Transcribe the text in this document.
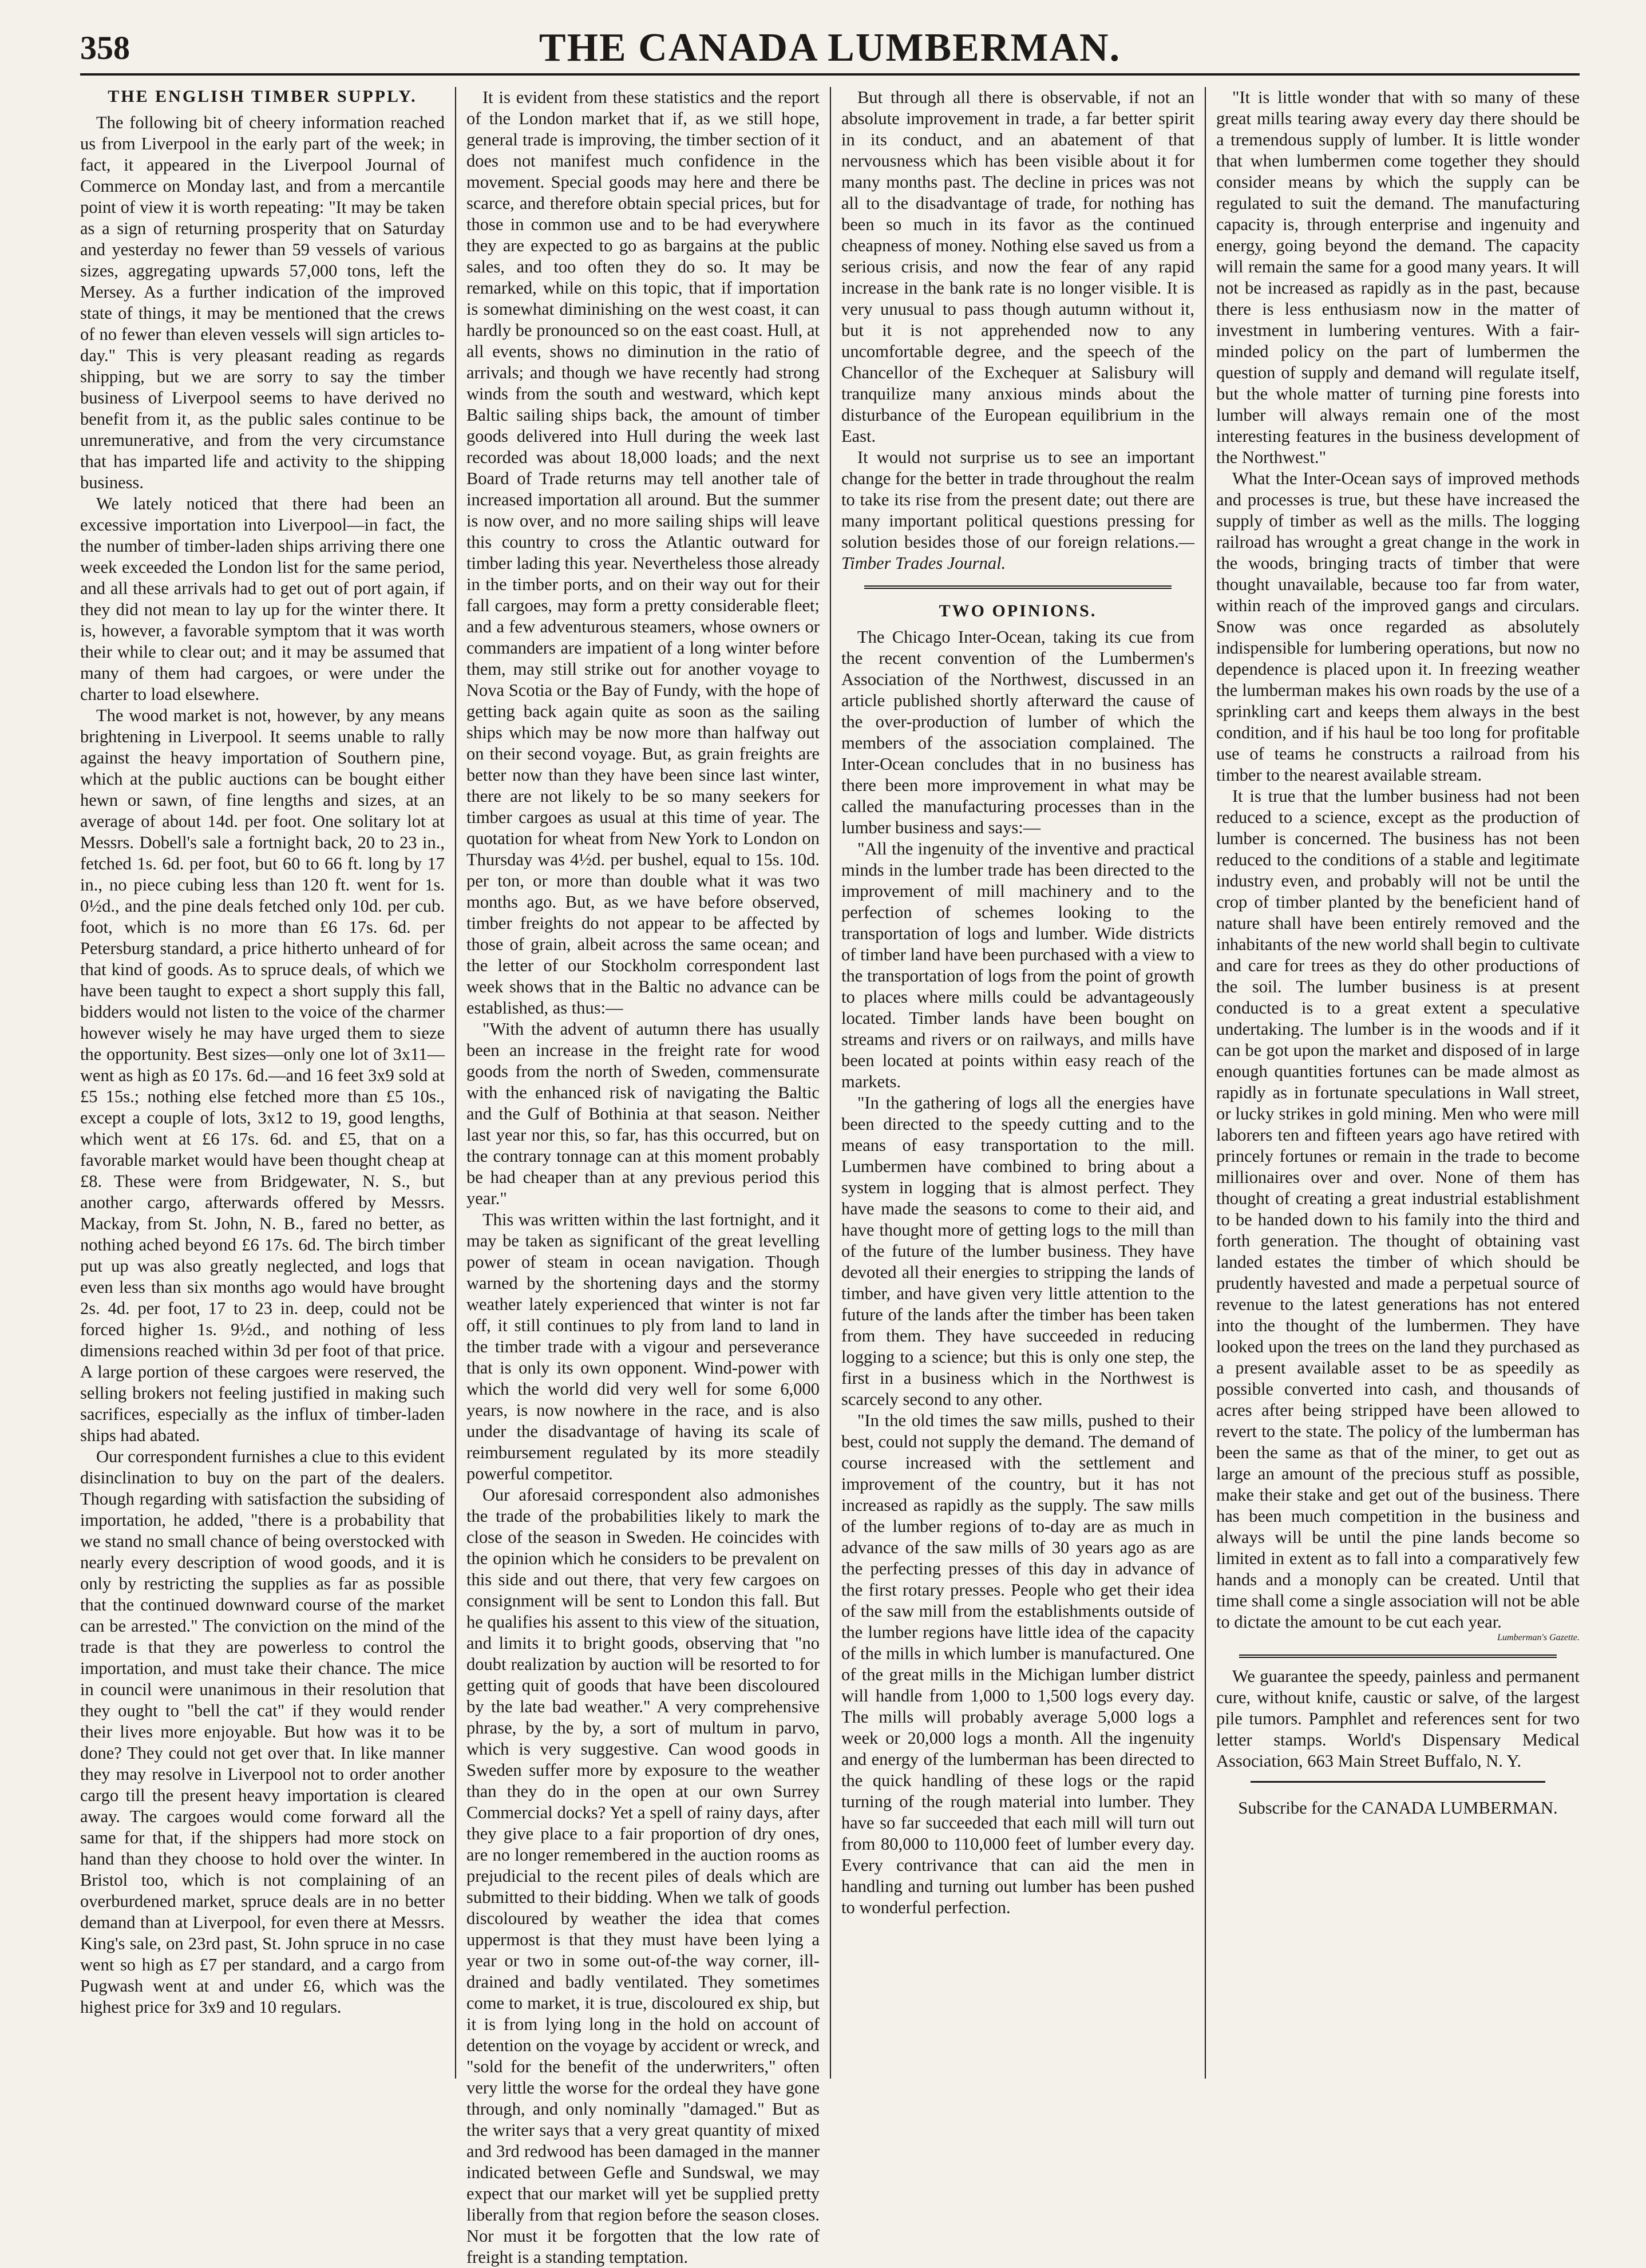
358	THE CANADA LUMBERMAN.
THE ENGLISH TIMBER SUPPLY.

The following bit of cheery information reached us from Liverpool in the early part of the week; in fact, it appeared in the Liverpool Journal of Commerce on Monday last, and from a mercantile point of view it is worth repeating: "It may be taken as a sign of returning prosperity that on Saturday and yesterday no fewer than 59 vessels of various sizes, aggregating upwards 57,000 tons, left the Mersey. As a further indication of the improved state of things, it may be mentioned that the crews of no fewer than eleven vessels will sign articles to-day." This is very pleasant reading as regards shipping, but we are sorry to say the timber business of Liverpool seems to have derived no benefit from it, as the public sales continue to be unremunerative, and from the very circumstance that has imparted life and activity to the shipping business.

We lately noticed that there had been an excessive importation into Liverpool—in fact, the the number of timber-laden ships arriving there one week exceeded the London list for the same period, and all these arrivals had to get out of port again, if they did not mean to lay up for the winter there. It is, however, a favorable symptom that it was worth their while to clear out; and it may be assumed that many of them had cargoes, or were under the charter to load elsewhere.

The wood market is not, however, by any means brightening in Liverpool. It seems unable to rally against the heavy importation of Southern pine, which at the public auctions can be bought either hewn or sawn, of fine lengths and sizes, at an average of about 14d. per foot. One solitary lot at Messrs. Dobell's sale a fortnight back, 20 to 23 in., fetched 1s. 6d. per foot, but 60 to 66 ft. long by 17 in., no piece cubing less than 120 ft. went for 1s. 0½d., and the pine deals fetched only 10d. per cub. foot, which is no more than £6 17s. 6d. per Petersburg standard, a price hitherto unheard of for that kind of goods. As to spruce deals, of which we have been taught to expect a short supply this fall, bidders would not listen to the voice of the charmer however wisely he may have urged them to sieze the opportunity. Best sizes—only one lot of 3x11—went as high as £0 17s. 6d.—and 16 feet 3x9 sold at £5 15s.; nothing else fetched more than £5 10s., except a couple of lots, 3x12 to 19, good lengths, which went at £6 17s. 6d. and £5, that on a favorable market would have been thought cheap at £8. These were from Bridgewater, N. S., but another cargo, afterwards offered by Messrs. Mackay, from St. John, N. B., fared no better, as nothing ached beyond £6 17s. 6d. The birch timber put up was also greatly neglected, and logs that even less than six months ago would have brought 2s. 4d. per foot, 17 to 23 in. deep, could not be forced higher 1s. 9½d., and nothing of less dimensions reached within 3d per foot of that price. A large portion of these cargoes were reserved, the selling brokers not feeling justified in making such sacrifices, especially as the influx of timber-laden ships had abated.

Our correspondent furnishes a clue to this evident disinclination to buy on the part of the dealers. Though regarding with satisfaction the subsiding of importation, he added, "there is a probability that we stand no small chance of being overstocked with nearly every description of wood goods, and it is only by restricting the supplies as far as possible that the continued downward course of the market can be arrested." The conviction on the mind of the trade is that they are powerless to control the importation, and must take their chance. The mice in council were unanimous in their resolution that they ought to "bell the cat" if they would render their lives more enjoyable. But how was it to be done? They could not get over that. In like manner they may resolve in Liverpool not to order another cargo till the present heavy importation is cleared away. The cargoes would come forward all the same for that, if the shippers had more stock on hand than they choose to hold over the winter. In Bristol too, which is not complaining of an overburdened market, spruce deals are in no better demand than at Liverpool, for even there at Messrs. King's sale, on 23rd past, St. John spruce in no case went so high as £7 per standard, and a cargo from Pugwash went at and under £6, which was the highest price for 3x9 and 10 regulars.

It is evident from these statistics and the report of the London market that if, as we still hope, general trade is improving, the timber section of it does not manifest much confidence in the movement. Special goods may here and there be scarce, and therefore obtain special prices, but for those in common use and to be had everywhere they are expected to go as bargains at the public sales, and too often they do so. It may be remarked, while on this topic, that if importation is somewhat diminishing on the west coast, it can hardly be pronounced so on the east coast. Hull, at all events, shows no diminution in the ratio of arrivals; and though we have recently had strong winds from the south and westward, which kept Baltic sailing ships back, the amount of timber goods delivered into Hull during the week last recorded was about 18,000 loads; and the next Board of Trade returns may tell another tale of increased importation all around. But the summer is now over, and no more sailing ships will leave this country to cross the Atlantic outward for timber lading this year. Nevertheless those already in the timber ports, and on their way out for their fall cargoes, may form a pretty considerable fleet; and a few adventurous steamers, whose owners or commanders are impatient of a long winter before them, may still strike out for another voyage to Nova Scotia or the Bay of Fundy, with the hope of getting back again quite as soon as the sailing ships which may be now more than halfway out on their second voyage. But, as grain freights are better now than they have been since last winter, there are not likely to be so many seekers for timber cargoes as usual at this time of year. The quotation for wheat from New York to London on Thursday was 4½d. per bushel, equal to 15s. 10d. per ton, or more than double what it was two months ago. But, as we have before observed, timber freights do not appear to be affected by those of grain, albeit across the same ocean; and the letter of our Stockholm correspondent last week shows that in the Baltic no advance can be established, as thus:—

"With the advent of autumn there has usually been an increase in the freight rate for wood goods from the north of Sweden, commensurate with the enhanced risk of navigating the Baltic and the Gulf of Bothinia at that season. Neither last year nor this, so far, has this occurred, but on the contrary tonnage can at this moment probably be had cheaper than at any previous period this year."

This was written within the last fortnight, and it may be taken as significant of the great levelling power of steam in ocean navigation. Though warned by the shortening days and the stormy weather lately experienced that winter is not far off, it still continues to ply from land to land in the timber trade with a vigour and perseverance that is only its own opponent. Wind-power with which the world did very well for some 6,000 years, is now nowhere in the race, and is also under the disadvantage of having its scale of reimbursement regulated by its more steadily powerful competitor.

Our aforesaid correspondent also admonishes the trade of the probabilities likely to mark the close of the season in Sweden. He coincides with the opinion which he considers to be prevalent on this side and out there, that very few cargoes on consignment will be sent to London this fall. But he qualifies his assent to this view of the situation, and limits it to bright goods, observing that "no doubt realization by auction will be resorted to for getting quit of goods that have been discoloured by the late bad weather." A very comprehensive phrase, by the by, a sort of multum in parvo, which is very suggestive. Can wood goods in Sweden suffer more by exposure to the weather than they do in the open at our own Surrey Commercial docks? Yet a spell of rainy days, after they give place to a fair proportion of dry ones, are no longer remembered in the auction rooms as prejudicial to the recent piles of deals which are submitted to their bidding. When we talk of goods discoloured by weather the idea that comes uppermost is that they must have been lying a year or two in some out-of-the way corner, ill-drained and badly ventilated. They sometimes come to market, it is true, discoloured ex ship, but it is from lying long in the hold on account of detention on the voyage by accident or wreck, and "sold for the benefit of the underwriters," often very little the worse for the ordeal they have gone through, and only nominally "damaged." But as the writer says that a very great quantity of mixed and 3rd redwood has been damaged in the manner indicated between Gefle and Sundswal, we may expect that our market will yet be supplied pretty liberally from that region before the season closes. Nor must it be forgotten that the low rate of freight is a standing temptation.

But through all there is observable, if not an absolute improvement in trade, a far better spirit in its conduct, and an abatement of that nervousness which has been visible about it for many months past. The decline in prices was not all to the disadvantage of trade, for nothing has been so much in its favor as the continued cheapness of money. Nothing else saved us from a serious crisis, and now the fear of any rapid increase in the bank rate is no longer visible. It is very unusual to pass though autumn without it, but it is not apprehended now to any uncomfortable degree, and the speech of the Chancellor of the Exchequer at Salisbury will tranquilize many anxious minds about the disturbance of the European equilibrium in the East.

It would not surprise us to see an important change for the better in trade throughout the realm to take its rise from the present date; out there are many important political questions pressing for solution besides those of our foreign relations.—Timber Trades Journal.

TWO OPINIONS.

The Chicago Inter-Ocean, taking its cue from the recent convention of the Lumbermen's Association of the Northwest, discussed in an article published shortly afterward the cause of the over-production of lumber of which the members of the association complained. The Inter-Ocean concludes that in no business has there been more improvement in what may be called the manufacturing processes than in the lumber business and says:—

"All the ingenuity of the inventive and practical minds in the lumber trade has been directed to the improvement of mill machinery and to the perfection of schemes looking to the transportation of logs and lumber. Wide districts of timber land have been purchased with a view to the transportation of logs from the point of growth to places where mills could be advantageously located. Timber lands have been bought on streams and rivers or on railways, and mills have been located at points within easy reach of the markets.

"In the gathering of logs all the energies have been directed to the speedy cutting and to the means of easy transportation to the mill. Lumbermen have combined to bring about a system in logging that is almost perfect. They have made the seasons to come to their aid, and have thought more of getting logs to the mill than of the future of the lumber business. They have devoted all their energies to stripping the lands of timber, and have given very little attention to the future of the lands after the timber has been taken from them. They have succeeded in reducing logging to a science; but this is only one step, the first in a business which in the Northwest is scarcely second to any other.

"In the old times the saw mills, pushed to their best, could not supply the demand. The demand of course increased with the settlement and improvement of the country, but it has not increased as rapidly as the supply. The saw mills of the lumber regions of to-day are as much in advance of the saw mills of 30 years ago as are the perfecting presses of this day in advance of the first rotary presses. People who get their idea of the saw mill from the establishments outside of the lumber regions have little idea of the capacity of the mills in which lumber is manufactured. One of the great mills in the Michigan lumber district will handle from 1,000 to 1,500 logs every day. The mills will probably average 5,000 logs a week or 20,000 logs a month. All the ingenuity and energy of the lumberman has been directed to the quick handling of these logs or the rapid turning of the rough material into lumber. They have so far succeeded that each mill will turn out from 80,000 to 110,000 feet of lumber every day. Every contrivance that can aid the men in handling and turning out lumber has been pushed to wonderful perfection.

"It is little wonder that with so many of these great mills tearing away every day there should be a tremendous supply of lumber. It is little wonder that when lumbermen come together they should consider means by which the supply can be regulated to suit the demand. The manufacturing capacity is, through enterprise and ingenuity and energy, going beyond the demand. The capacity will remain the same for a good many years. It will not be increased as rapidly as in the past, because there is less enthusiasm now in the matter of investment in lumbering ventures. With a fair-minded policy on the part of lumbermen the question of supply and demand will regulate itself, but the whole matter of turning pine forests into lumber will always remain one of the most interesting features in the business development of the Northwest."

What the Inter-Ocean says of improved methods and processes is true, but these have increased the supply of timber as well as the mills. The logging railroad has wrought a great change in the work in the woods, bringing tracts of timber that were thought unavailable, because too far from water, within reach of the improved gangs and circulars. Snow was once regarded as absolutely indispensible for lumbering operations, but now no dependence is placed upon it. In freezing weather the lumberman makes his own roads by the use of a sprinkling cart and keeps them always in the best condition, and if his haul be too long for profitable use of teams he constructs a railroad from his timber to the nearest available stream.

It is true that the lumber business had not been reduced to a science, except as the production of lumber is concerned. The business has not been reduced to the conditions of a stable and legitimate industry even, and probably will not be until the crop of timber planted by the beneficient hand of nature shall have been entirely removed and the inhabitants of the new world shall begin to cultivate and care for trees as they do other productions of the soil. The lumber business is at present conducted is to a great extent a speculative undertaking. The lumber is in the woods and if it can be got upon the market and disposed of in large enough quantities fortunes can be made almost as rapidly as in fortunate speculations in Wall street, or lucky strikes in gold mining. Men who were mill laborers ten and fifteen years ago have retired with princely fortunes or remain in the trade to become millionaires over and over. None of them has thought of creating a great industrial establishment to be handed down to his family into the third and forth generation. The thought of obtaining vast landed estates the timber of which should be prudently havested and made a perpetual source of revenue to the latest generations has not entered into the thought of the lumbermen. They have looked upon the trees on the land they purchased as a present available asset to be as speedily as possible converted into cash, and thousands of acres after being stripped have been allowed to revert to the state. The policy of the lumberman has been the same as that of the miner, to get out as large an amount of the precious stuff as possible, make their stake and get out of the business. There has been much competition in the business and always will be until the pine lands become so limited in extent as to fall into a comparatively few hands and a monoply can be created. Until that time shall come a single association will not be able to dictate the amount to be cut each year.

Lumberman's Gazette.

We guarantee the speedy, painless and permanent cure, without knife, caustic or salve, of the largest pile tumors. Pamphlet and references sent for two letter stamps. World's Dispensary Medical Association, 663 Main Street Buffalo, N. Y.

Subscribe for the CANADA LUMBERMAN.
